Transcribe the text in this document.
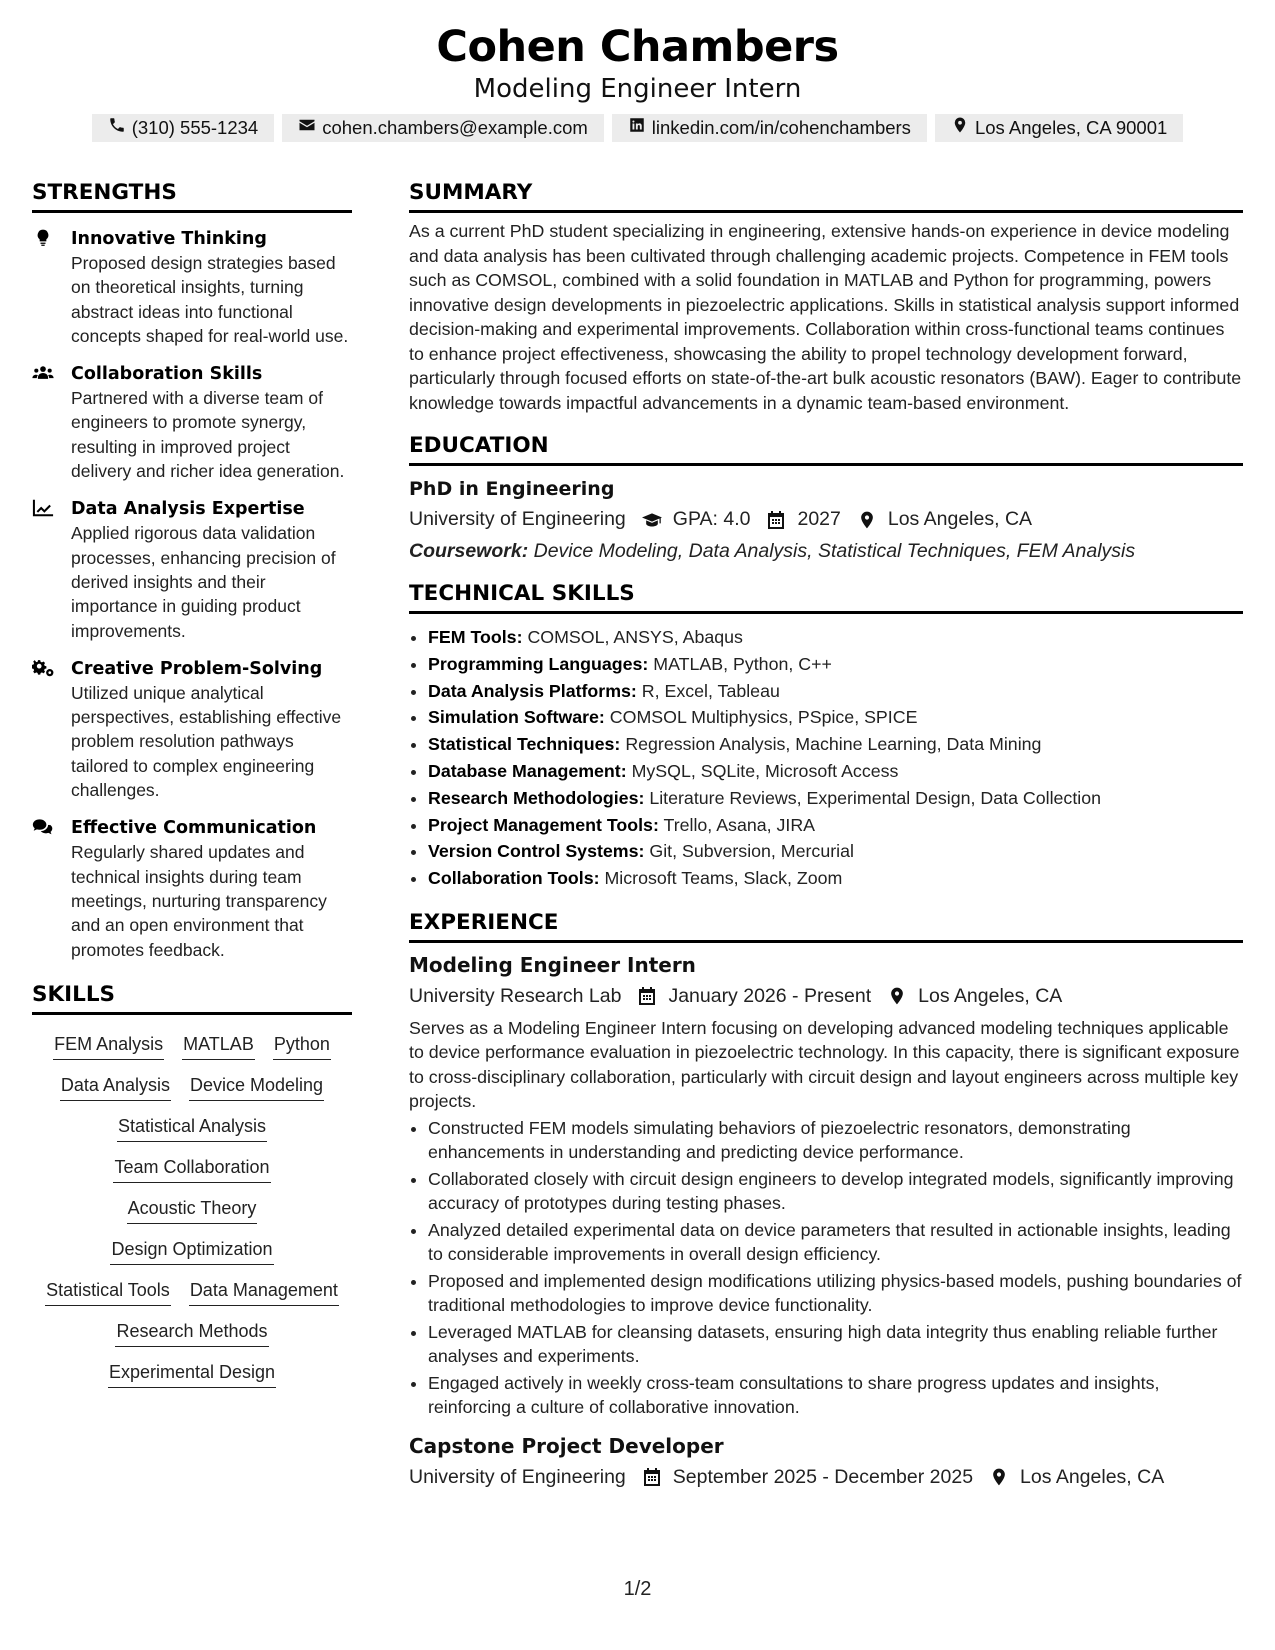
Cohen Chambers
Modeling Engineer Intern
(310) 555-1234	cohen.chambers@example.com	linkedin.com/in/cohenchambers	Los Angeles, CA 90001
STRENGTHS
Innovative Thinking
Proposed design strategies based on theoretical insights, turning abstract ideas into functional concepts shaped for real-world use.
Collaboration Skills
Partnered with a diverse team of engineers to promote synergy, resulting in improved project delivery and richer idea generation.
Data Analysis Expertise
Applied rigorous data validation processes, enhancing precision of derived insights and their importance in guiding product improvements.
Creative Problem-Solving
Utilized unique analytical perspectives, establishing effective problem resolution pathways tailored to complex engineering challenges.
Effective Communication
Regularly shared updates and technical insights during team meetings, nurturing transparency and an open environment that promotes feedback.
SKILLS
FEM Analysis MATLAB Python
Data Analysis Device Modeling
Statistical Analysis
Team Collaboration
Acoustic Theory
Design Optimization
Statistical Tools Data Management
Research Methods
Experimental Design
SUMMARY
As a current PhD student specializing in engineering, extensive hands-on experience in device modeling and data analysis has been cultivated through challenging academic projects. Competence in FEM tools such as COMSOL, combined with a solid foundation in MATLAB and Python for programming, powers innovative design developments in piezoelectric applications. Skills in statistical analysis support informed decision-making and experimental improvements. Collaboration within cross-functional teams continues to enhance project effectiveness, showcasing the ability to propel technology development forward, particularly through focused efforts on state-of-the-art bulk acoustic resonators (BAW). Eager to contribute knowledge towards impactful advancements in a dynamic team-based environment.
EDUCATION
PhD in Engineering
University of Engineering GPA: 4.0 2027 Los Angeles, CA
Coursework: Device Modeling, Data Analysis, Statistical Techniques, FEM Analysis
TECHNICAL SKILLS
• FEM Tools: COMSOL, ANSYS, Abaqus
• Programming Languages: MATLAB, Python, C++
• Data Analysis Platforms: R, Excel, Tableau
• Simulation Software: COMSOL Multiphysics, PSpice, SPICE
• Statistical Techniques: Regression Analysis, Machine Learning, Data Mining
• Database Management: MySQL, SQLite, Microsoft Access
• Research Methodologies: Literature Reviews, Experimental Design, Data Collection
• Project Management Tools: Trello, Asana, JIRA
• Version Control Systems: Git, Subversion, Mercurial
• Collaboration Tools: Microsoft Teams, Slack, Zoom
EXPERIENCE
Modeling Engineer Intern
University Research Lab January 2026 - Present Los Angeles, CA
Serves as a Modeling Engineer Intern focusing on developing advanced modeling techniques applicable to device performance evaluation in piezoelectric technology. In this capacity, there is significant exposure to cross-disciplinary collaboration, particularly with circuit design and layout engineers across multiple key projects.
• Constructed FEM models simulating behaviors of piezoelectric resonators, demonstrating enhancements in understanding and predicting device performance.
• Collaborated closely with circuit design engineers to develop integrated models, significantly improving accuracy of prototypes during testing phases.
• Analyzed detailed experimental data on device parameters that resulted in actionable insights, leading to considerable improvements in overall design efficiency.
• Proposed and implemented design modifications utilizing physics-based models, pushing boundaries of traditional methodologies to improve device functionality.
• Leveraged MATLAB for cleansing datasets, ensuring high data integrity thus enabling reliable further analyses and experiments.
• Engaged actively in weekly cross-team consultations to share progress updates and insights, reinforcing a culture of collaborative innovation.
Capstone Project Developer
University of Engineering September 2025 - December 2025 Los Angeles, CA
1/2
